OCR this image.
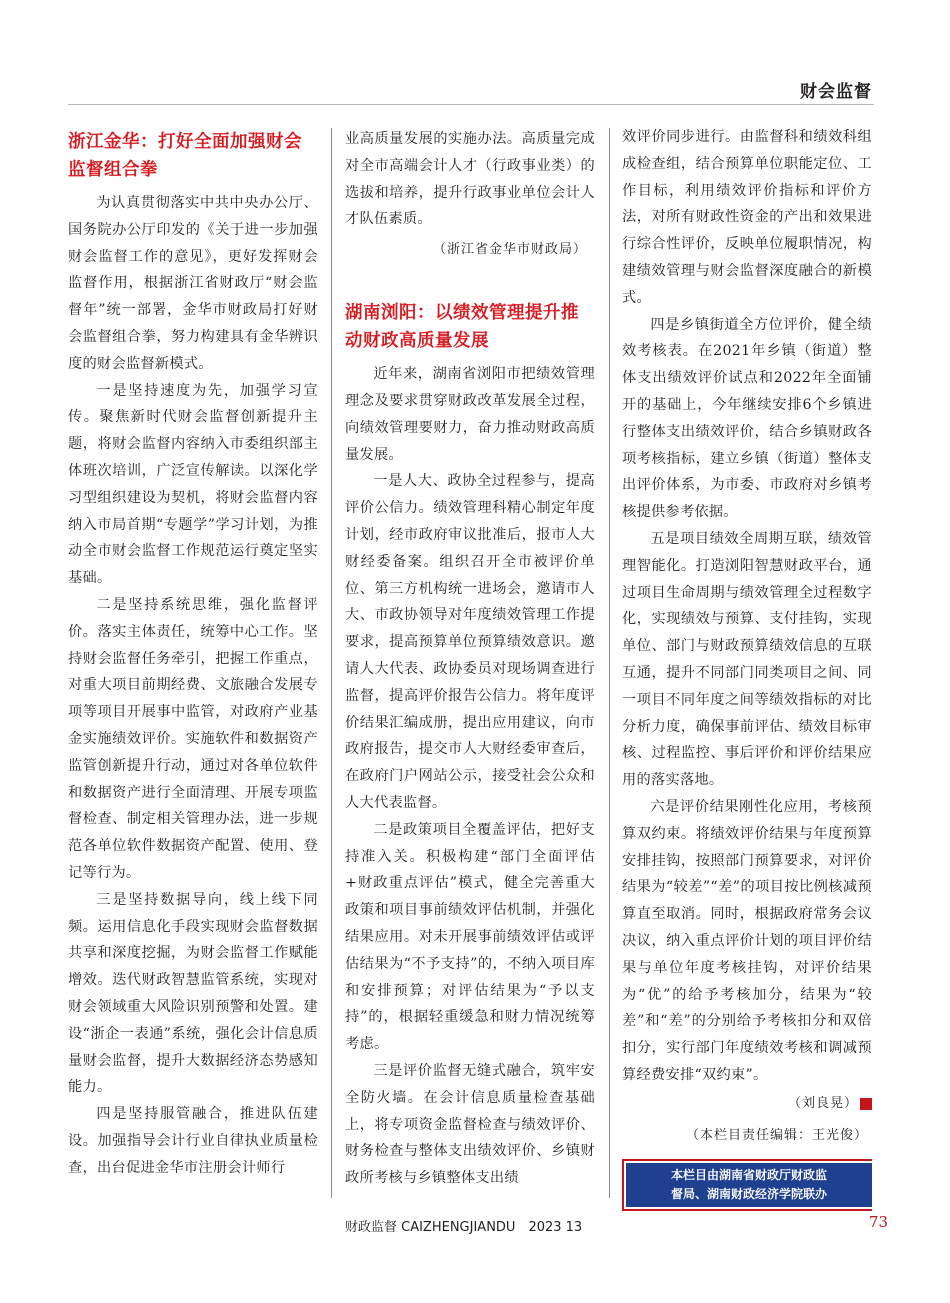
财会监督
浙江金华：打好全面加强财会监督组合拳

为认真贯彻落实中共中央办公厅、国务院办公厅印发的《关于进一步加强财会监督工作的意见》，更好发挥财会监督作用，根据浙江省财政厅“财会监督年”统一部署，金华市财政局打好财会监督组合拳，努力构建具有金华辨识度的财会监督新模式。

一是坚持速度为先，加强学习宣传。聚焦新时代财会监督创新提升主题，将财会监督内容纳入市委组织部主体班次培训，广泛宣传解读。以深化学习型组织建设为契机，将财会监督内容纳入市局首期“专题学”学习计划，为推动全市财会监督工作规范运行奠定坚实基础。

二是坚持系统思维，强化监督评价。落实主体责任，统筹中心工作。坚持财会监督任务牵引，把握工作重点，对重大项目前期经费、文旅融合发展专项等项目开展事中监管，对政府产业基金实施绩效评价。实施软件和数据资产监管创新提升行动，通过对各单位软件和数据资产进行全面清理、开展专项监督检查、制定相关管理办法，进一步规范各单位软件数据资产配置、使用、登记等行为。

三是坚持数据导向，线上线下同频。运用信息化手段实现财会监督数据共享和深度挖掘，为财会监督工作赋能增效。迭代财政智慧监管系统，实现对财会领域重大风险识别预警和处置。建设“浙企一表通”系统，强化会计信息质量财会监督，提升大数据经济态势感知能力。

四是坚持服管融合，推进队伍建设。加强指导会计行业自律执业质量检查，出台促进金华市注册会计师行

业高质量发展的实施办法。高质量完成对全市高端会计人才（行政事业类）的选拔和培养，提升行政事业单位会计人才队伍素质。

（浙江省金华市财政局）
湖南浏阳：以绩效管理提升推动财政高质量发展

近年来，湖南省浏阳市把绩效管理理念及要求贯穿财政改革发展全过程，向绩效管理要财力，奋力推动财政高质量发展。

一是人大、政协全过程参与，提高评价公信力。绩效管理科精心制定年度计划，经市政府审议批准后，报市人大财经委备案。组织召开全市被评价单位、第三方机构统一进场会，邀请市人大、市政协领导对年度绩效管理工作提要求，提高预算单位预算绩效意识。邀请人大代表、政协委员对现场调查进行监督，提高评价报告公信力。将年度评价结果汇编成册，提出应用建议，向市政府报告，提交市人大财经委审查后，在政府门户网站公示，接受社会公众和人大代表监督。

二是政策项目全覆盖评估，把好支持准入关。积极构建“部门全面评估+财政重点评估”模式，健全完善重大政策和项目事前绩效评估机制，并强化结果应用。对未开展事前绩效评估或评估结果为“不予支持”的，不纳入项目库和安排预算；对评估结果为“予以支持”的，根据轻重缓急和财力情况统筹考虑。

三是评价监督无缝式融合，筑牢安全防火墙。在会计信息质量检查基础上，将专项资金监督检查与绩效评价、财务检查与整体支出绩效评价、乡镇财政所考核与乡镇整体支出绩

效评价同步进行。由监督科和绩效科组成检查组，结合预算单位职能定位、工作目标，利用绩效评价指标和评价方法，对所有财政性资金的产出和效果进行综合性评价，反映单位履职情况，构建绩效管理与财会监督深度融合的新模式。

四是乡镇街道全方位评价，健全绩效考核表。在2021年乡镇（街道）整体支出绩效评价试点和2022年全面铺开的基础上，今年继续安排6个乡镇进行整体支出绩效评价，结合乡镇财政各项考核指标，建立乡镇（街道）整体支出评价体系，为市委、市政府对乡镇考核提供参考依据。

五是项目绩效全周期互联，绩效管理智能化。打造浏阳智慧财政平台，通过项目生命周期与绩效管理全过程数字化，实现绩效与预算、支付挂钩，实现单位、部门与财政预算绩效信息的互联互通，提升不同部门同类项目之间、同一项目不同年度之间等绩效指标的对比分析力度，确保事前评估、绩效目标审核、过程监控、事后评价和评价结果应用的落实落地。

六是评价结果刚性化应用，考核预算双约束。将绩效评价结果与年度预算安排挂钩，按照部门预算要求，对评价结果为“较差”“差”的项目按比例核减预算直至取消。同时，根据政府常务会议决议，纳入重点评价计划的项目评价结果与单位年度考核挂钩，对评价结果为“优”的给予考核加分，结果为“较差”和“差”的分别给予考核扣分和双倍扣分，实行部门年度绩效考核和调减预算经费安排“双约束”。

（刘良晃）
（本栏目责任编辑：王光俊）
本栏目由湖南省财政厅财政监
督局、湖南财政经济学院联办
财政监督 CAIZHENGJIANDU　2023 13	73
